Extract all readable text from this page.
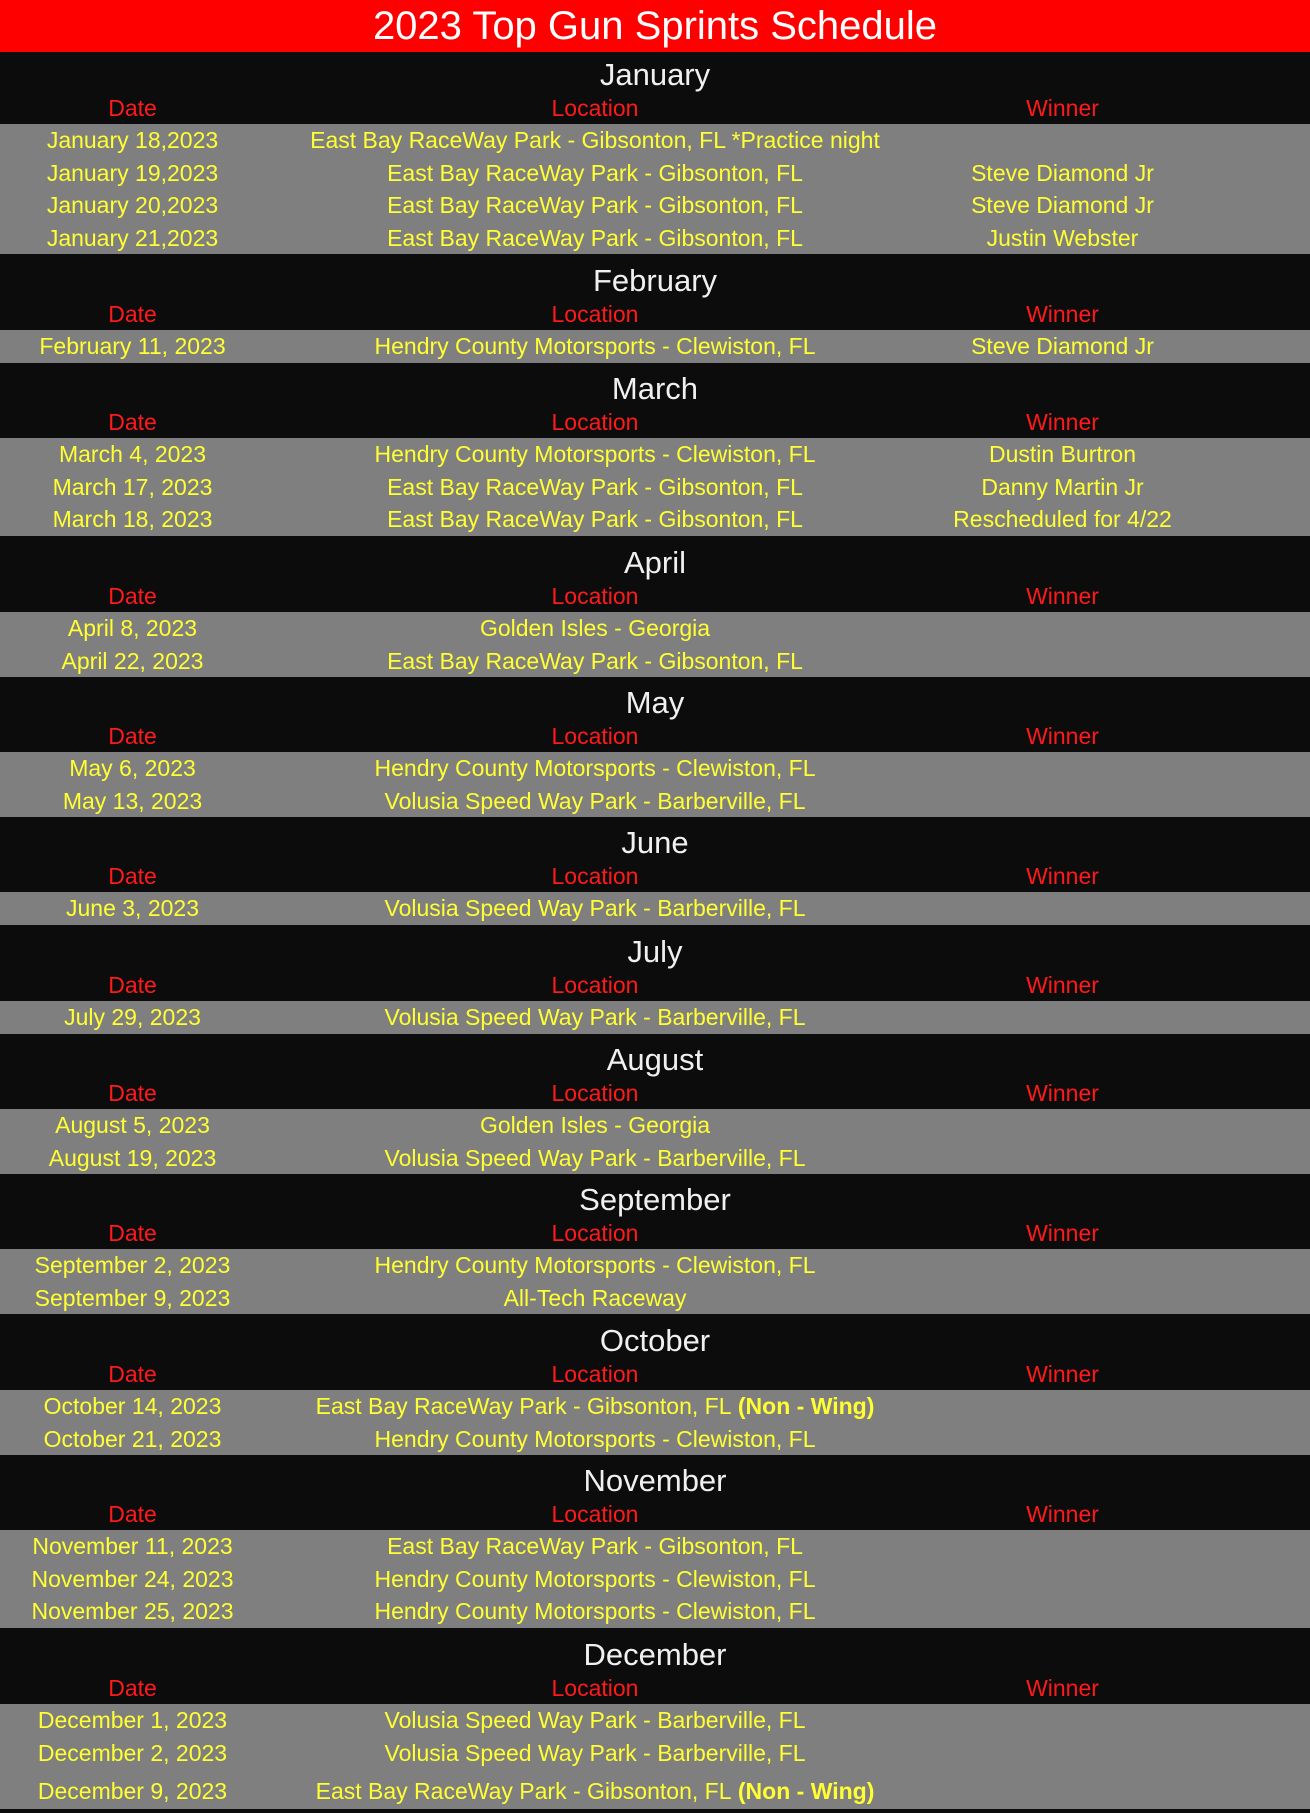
2023 Top Gun Sprints Schedule
January
Date	Location	Winner
January 18,2023	East Bay RaceWay Park - Gibsonton, FL *Practice night
January 19,2023	East Bay RaceWay Park - Gibsonton, FL	Steve Diamond Jr
January 20,2023	East Bay RaceWay Park - Gibsonton, FL	Steve Diamond Jr
January 21,2023	East Bay RaceWay Park - Gibsonton, FL	Justin Webster
February
Date	Location	Winner
February 11, 2023	Hendry County Motorsports - Clewiston, FL	Steve Diamond Jr
March
Date	Location	Winner
March 4, 2023	Hendry County Motorsports - Clewiston, FL	Dustin Burtron
March 17, 2023	East Bay RaceWay Park - Gibsonton, FL	Danny Martin Jr
March 18, 2023	East Bay RaceWay Park - Gibsonton, FL	Rescheduled for 4/22
April
Date	Location	Winner
April 8, 2023	Golden Isles - Georgia
April 22, 2023	East Bay RaceWay Park - Gibsonton, FL
May
Date	Location	Winner
May 6, 2023	Hendry County Motorsports - Clewiston, FL
May 13, 2023	Volusia Speed Way Park - Barberville, FL
June
Date	Location	Winner
June 3, 2023	Volusia Speed Way Park - Barberville, FL
July
Date	Location	Winner
July 29, 2023	Volusia Speed Way Park - Barberville, FL
August
Date	Location	Winner
August 5, 2023	Golden Isles - Georgia
August 19, 2023	Volusia Speed Way Park - Barberville, FL
September
Date	Location	Winner
September 2, 2023	Hendry County Motorsports - Clewiston, FL
September 9, 2023	All-Tech Raceway
October
Date	Location	Winner
October 14, 2023	East Bay RaceWay Park - Gibsonton, FL (Non - Wing)
October 21, 2023	Hendry County Motorsports - Clewiston, FL
November
Date	Location	Winner
November 11, 2023	East Bay RaceWay Park - Gibsonton, FL
November 24, 2023	Hendry County Motorsports - Clewiston, FL
November 25, 2023	Hendry County Motorsports - Clewiston, FL
December
Date	Location	Winner
December 1, 2023	Volusia Speed Way Park - Barberville, FL
December 2, 2023	Volusia Speed Way Park - Barberville, FL
December 9, 2023	East Bay RaceWay Park - Gibsonton, FL (Non - Wing)
